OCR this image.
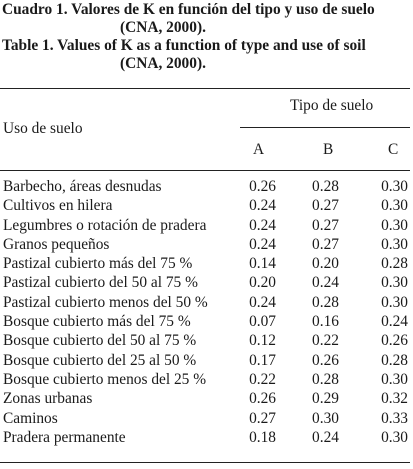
Cuadro 1. Valores de K en función del tipo y uso de suelo
(CNA, 2000).
Table 1. Values of K as a function of type and use of soil
(CNA, 2000).
Tipo de suelo
Uso de suelo
A	B	C
Barbecho, áreas desnudas	0.26	0.28	0.30
Cultivos en hilera	0.24	0.27	0.30
Legumbres o rotación de pradera	0.24	0.27	0.30
Granos pequeños	0.24	0.27	0.30
Pastizal cubierto más del 75 %	0.14	0.20	0.28
Pastizal cubierto del 50 al 75 %	0.20	0.24	0.30
Pastizal cubierto menos del 50 %	0.24	0.28	0.30
Bosque cubierto más del 75 %	0.07	0.16	0.24
Bosque cubierto del 50 al 75 %	0.12	0.22	0.26
Bosque cubierto del 25 al 50 %	0.17	0.26	0.28
Bosque cubierto menos del 25 %	0.22	0.28	0.30
Zonas urbanas	0.26	0.29	0.32
Caminos	0.27	0.30	0.33
Pradera permanente	0.18	0.24	0.30
